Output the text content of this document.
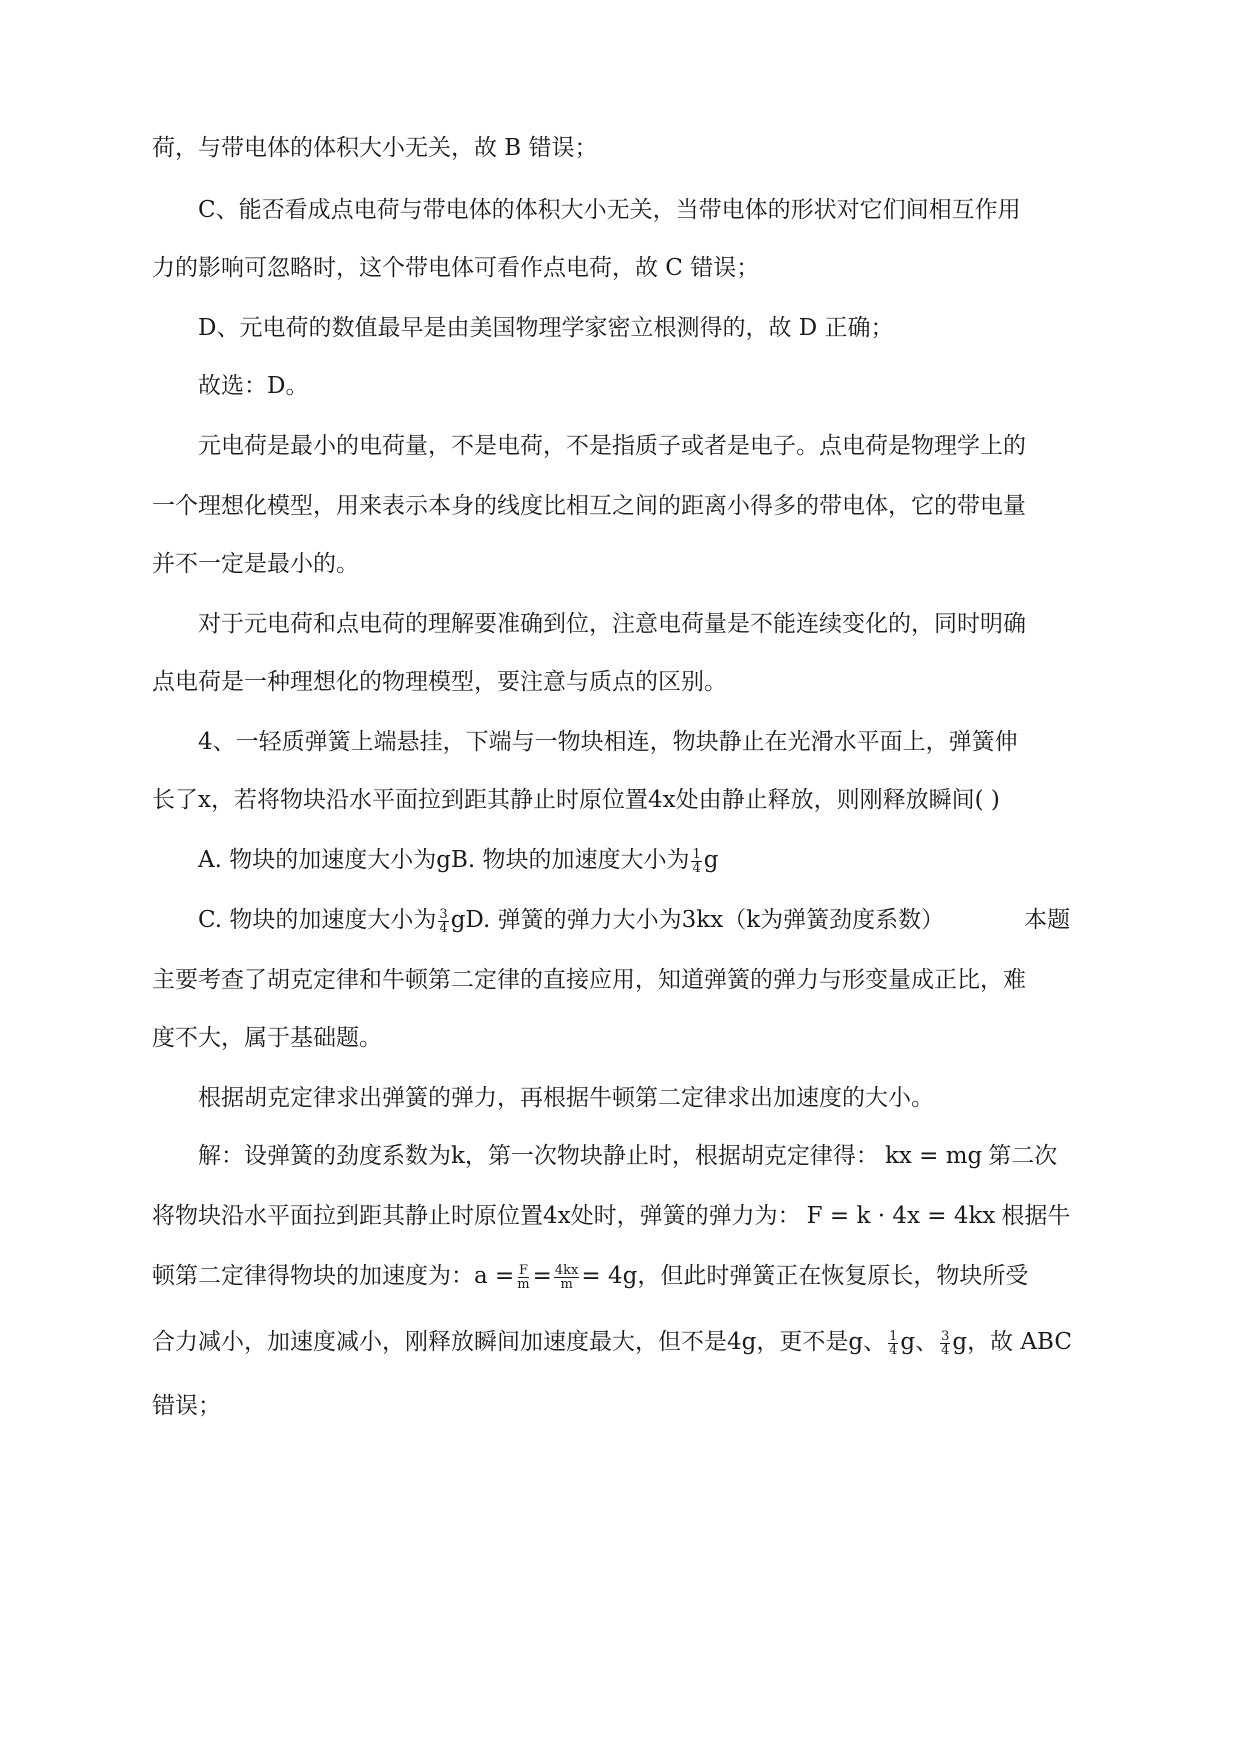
荷，与带电体的体积大小无关，故 B 错误；
C、能否看成点电荷与带电体的体积大小无关，当带电体的形状对它们间相互作用
力的影响可忽略时，这个带电体可看作点电荷，故 C 错误；
D、元电荷的数值最早是由美国物理学家密立根测得的，故 D 正确；
故选：D。
元电荷是最小的电荷量，不是电荷，不是指质子或者是电子。点电荷是物理学上的
一个理想化模型，用来表示本身的线度比相互之间的距离小得多的带电体，它的带电量
并不一定是最小的。
对于元电荷和点电荷的理解要准确到位，注意电荷量是不能连续变化的，同时明确
点电荷是一种理想化的物理模型，要注意与质点的区别。
4、一轻质弹簧上端悬挂，下端与一物块相连，物块静止在光滑水平面上，弹簧伸
长了x，若将物块沿水平面拉到距其静止时原位置4x处由静止释放，则刚释放瞬间( )
A. 物块的加速度大小为gB. 物块的加速度大小为 $\frac{1}{4}$ g
C. 物块的加速度大小为 $\frac{3}{4}$ gD. 弹簧的弹力大小为3kx（k为弹簧劲度系数）	本题
主要考查了胡克定律和牛顿第二定律的直接应用，知道弹簧的弹力与形变量成正比，难
度不大，属于基础题。
根据胡克定律求出弹簧的弹力，再根据牛顿第二定律求出加速度的大小。
解：设弹簧的劲度系数为k，第一次物块静止时，根据胡克定律得： kx = mg 第二次
将物块沿水平面拉到距其静止时原位置4x处时，弹簧的弹力为： F = k · 4x = 4kx 根据牛
顿第二定律得物块的加速度为：$a = \frac{F}{m} = \frac{4kx}{m} = 4g$，但此时弹簧正在恢复原长，物块所受
合力减小，加速度减小，刚释放瞬间加速度最大，但不是4g，更不是g、 $\frac{1}{4}$ g、 $\frac{3}{4}$ g，故 ABC
错误；
